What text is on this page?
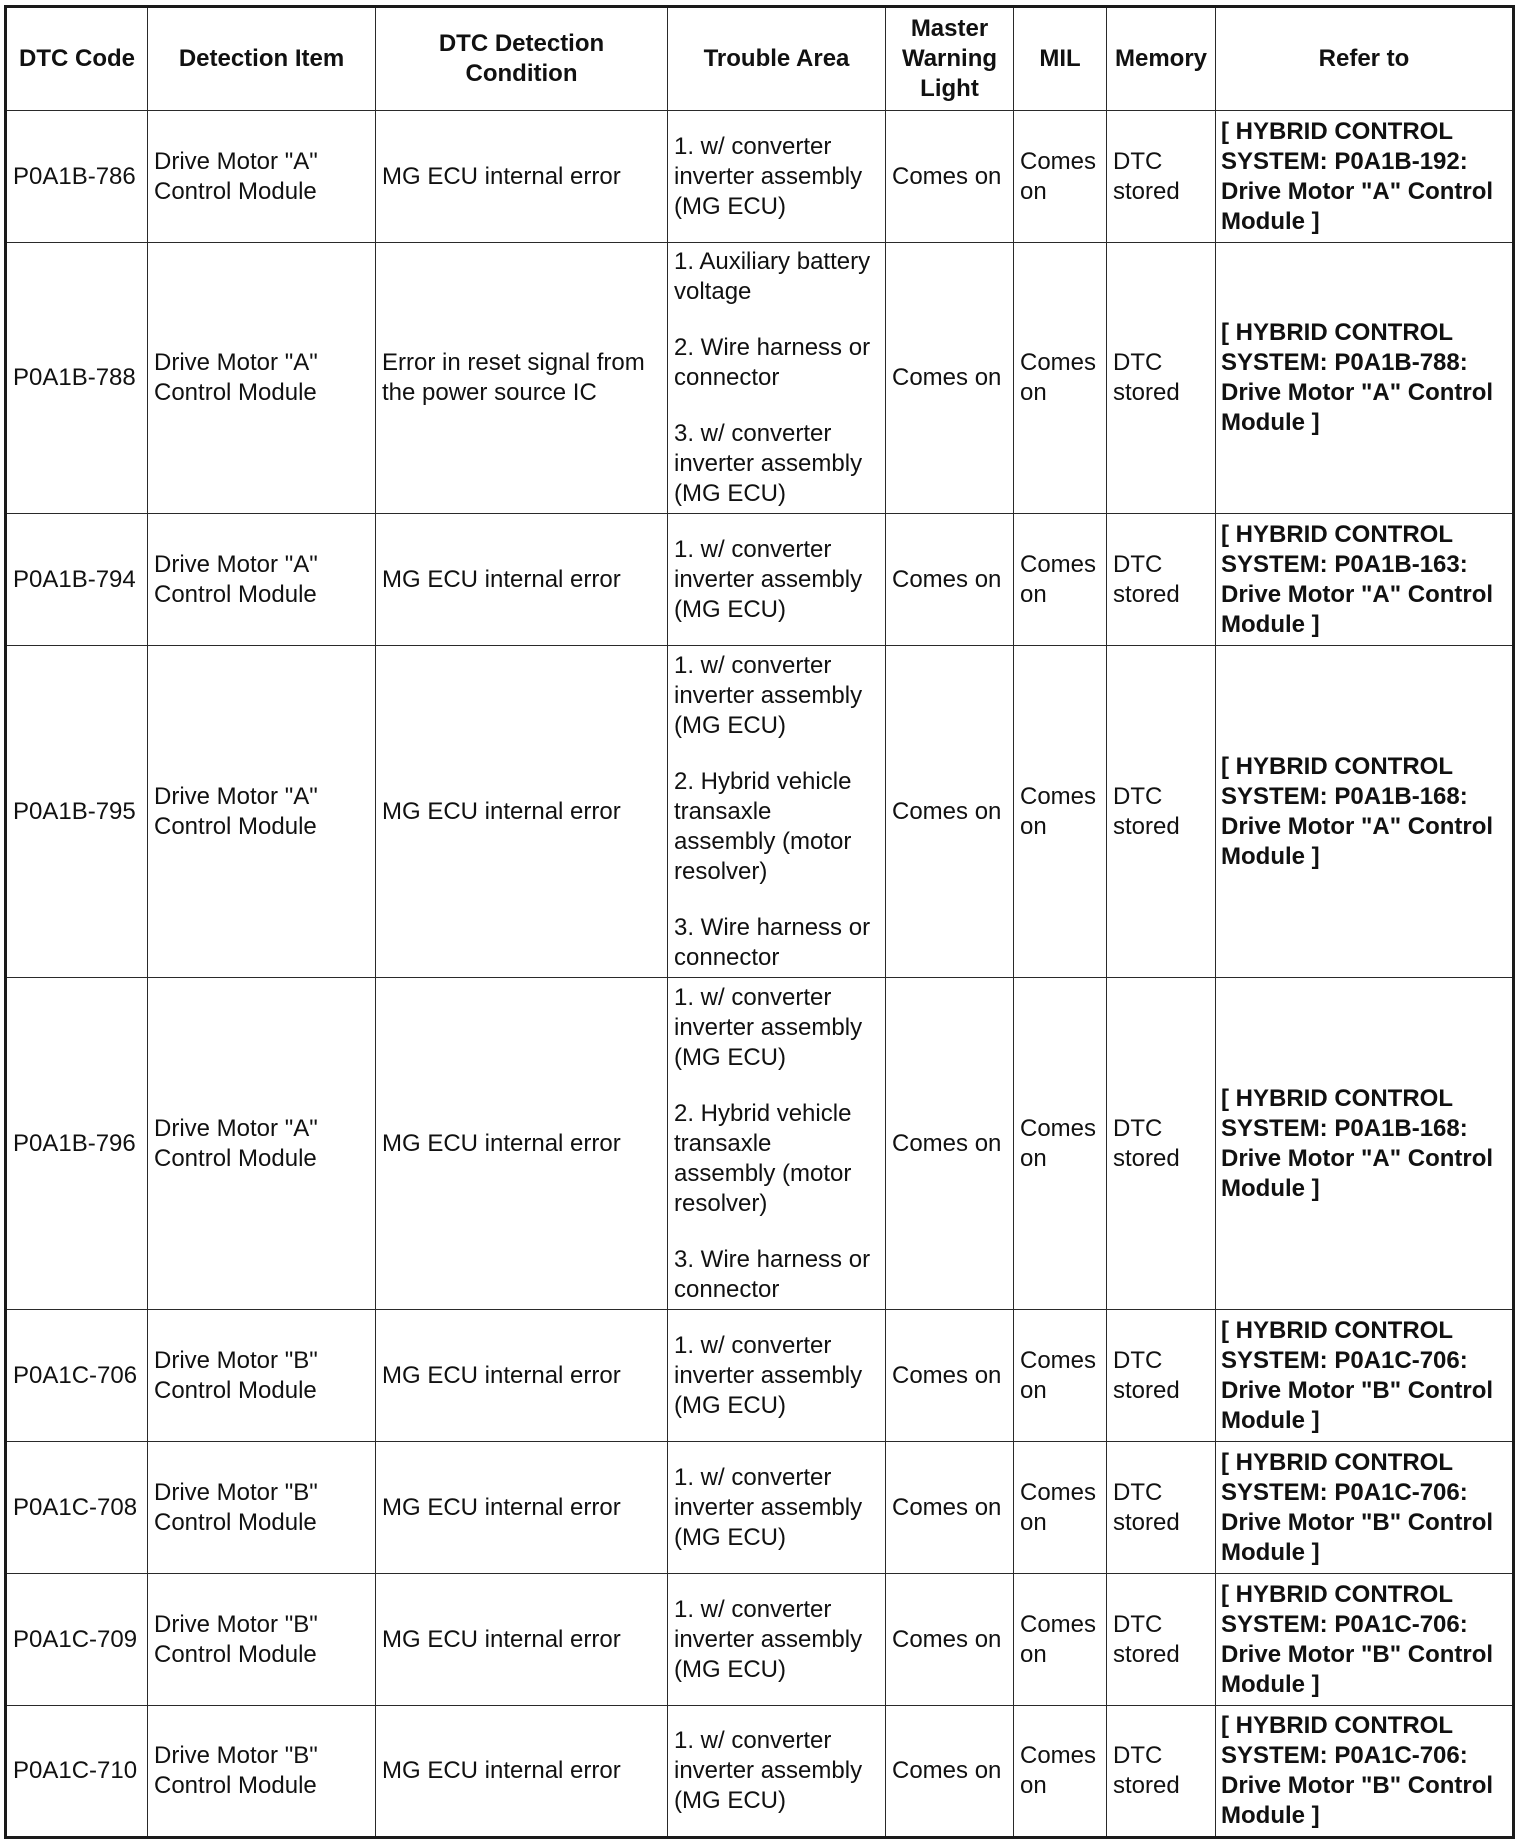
DTC Code	Detection Item	DTC Detection Condition	Trouble Area	Master Warning Light	MIL	Memory	Refer to
P0A1B-786	Drive Motor "A" Control Module	MG ECU internal error	1. w/ converter inverter assembly (MG ECU)	Comes on	Comes on	DTC stored	[ HYBRID CONTROL SYSTEM: P0A1B-192: Drive Motor "A" Control Module ]
P0A1B-788	Drive Motor "A" Control Module	Error in reset signal from the power source IC	1. Auxiliary battery voltage
2. Wire harness or connector
3. w/ converter inverter assembly (MG ECU)	Comes on	Comes on	DTC stored	[ HYBRID CONTROL SYSTEM: P0A1B-788: Drive Motor "A" Control Module ]
P0A1B-794	Drive Motor "A" Control Module	MG ECU internal error	1. w/ converter inverter assembly (MG ECU)	Comes on	Comes on	DTC stored	[ HYBRID CONTROL SYSTEM: P0A1B-163: Drive Motor "A" Control Module ]
P0A1B-795	Drive Motor "A" Control Module	MG ECU internal error	1. w/ converter inverter assembly (MG ECU)
2. Hybrid vehicle transaxle assembly (motor resolver)
3. Wire harness or connector	Comes on	Comes on	DTC stored	[ HYBRID CONTROL SYSTEM: P0A1B-168: Drive Motor "A" Control Module ]
P0A1B-796	Drive Motor "A" Control Module	MG ECU internal error	1. w/ converter inverter assembly (MG ECU)
2. Hybrid vehicle transaxle assembly (motor resolver)
3. Wire harness or connector	Comes on	Comes on	DTC stored	[ HYBRID CONTROL SYSTEM: P0A1B-168: Drive Motor "A" Control Module ]
P0A1C-706	Drive Motor "B" Control Module	MG ECU internal error	1. w/ converter inverter assembly (MG ECU)	Comes on	Comes on	DTC stored	[ HYBRID CONTROL SYSTEM: P0A1C-706: Drive Motor "B" Control Module ]
P0A1C-708	Drive Motor "B" Control Module	MG ECU internal error	1. w/ converter inverter assembly (MG ECU)	Comes on	Comes on	DTC stored	[ HYBRID CONTROL SYSTEM: P0A1C-706: Drive Motor "B" Control Module ]
P0A1C-709	Drive Motor "B" Control Module	MG ECU internal error	1. w/ converter inverter assembly (MG ECU)	Comes on	Comes on	DTC stored	[ HYBRID CONTROL SYSTEM: P0A1C-706: Drive Motor "B" Control Module ]
P0A1C-710	Drive Motor "B" Control Module	MG ECU internal error	1. w/ converter inverter assembly (MG ECU)	Comes on	Comes on	DTC stored	[ HYBRID CONTROL SYSTEM: P0A1C-706: Drive Motor "B" Control Module ]
